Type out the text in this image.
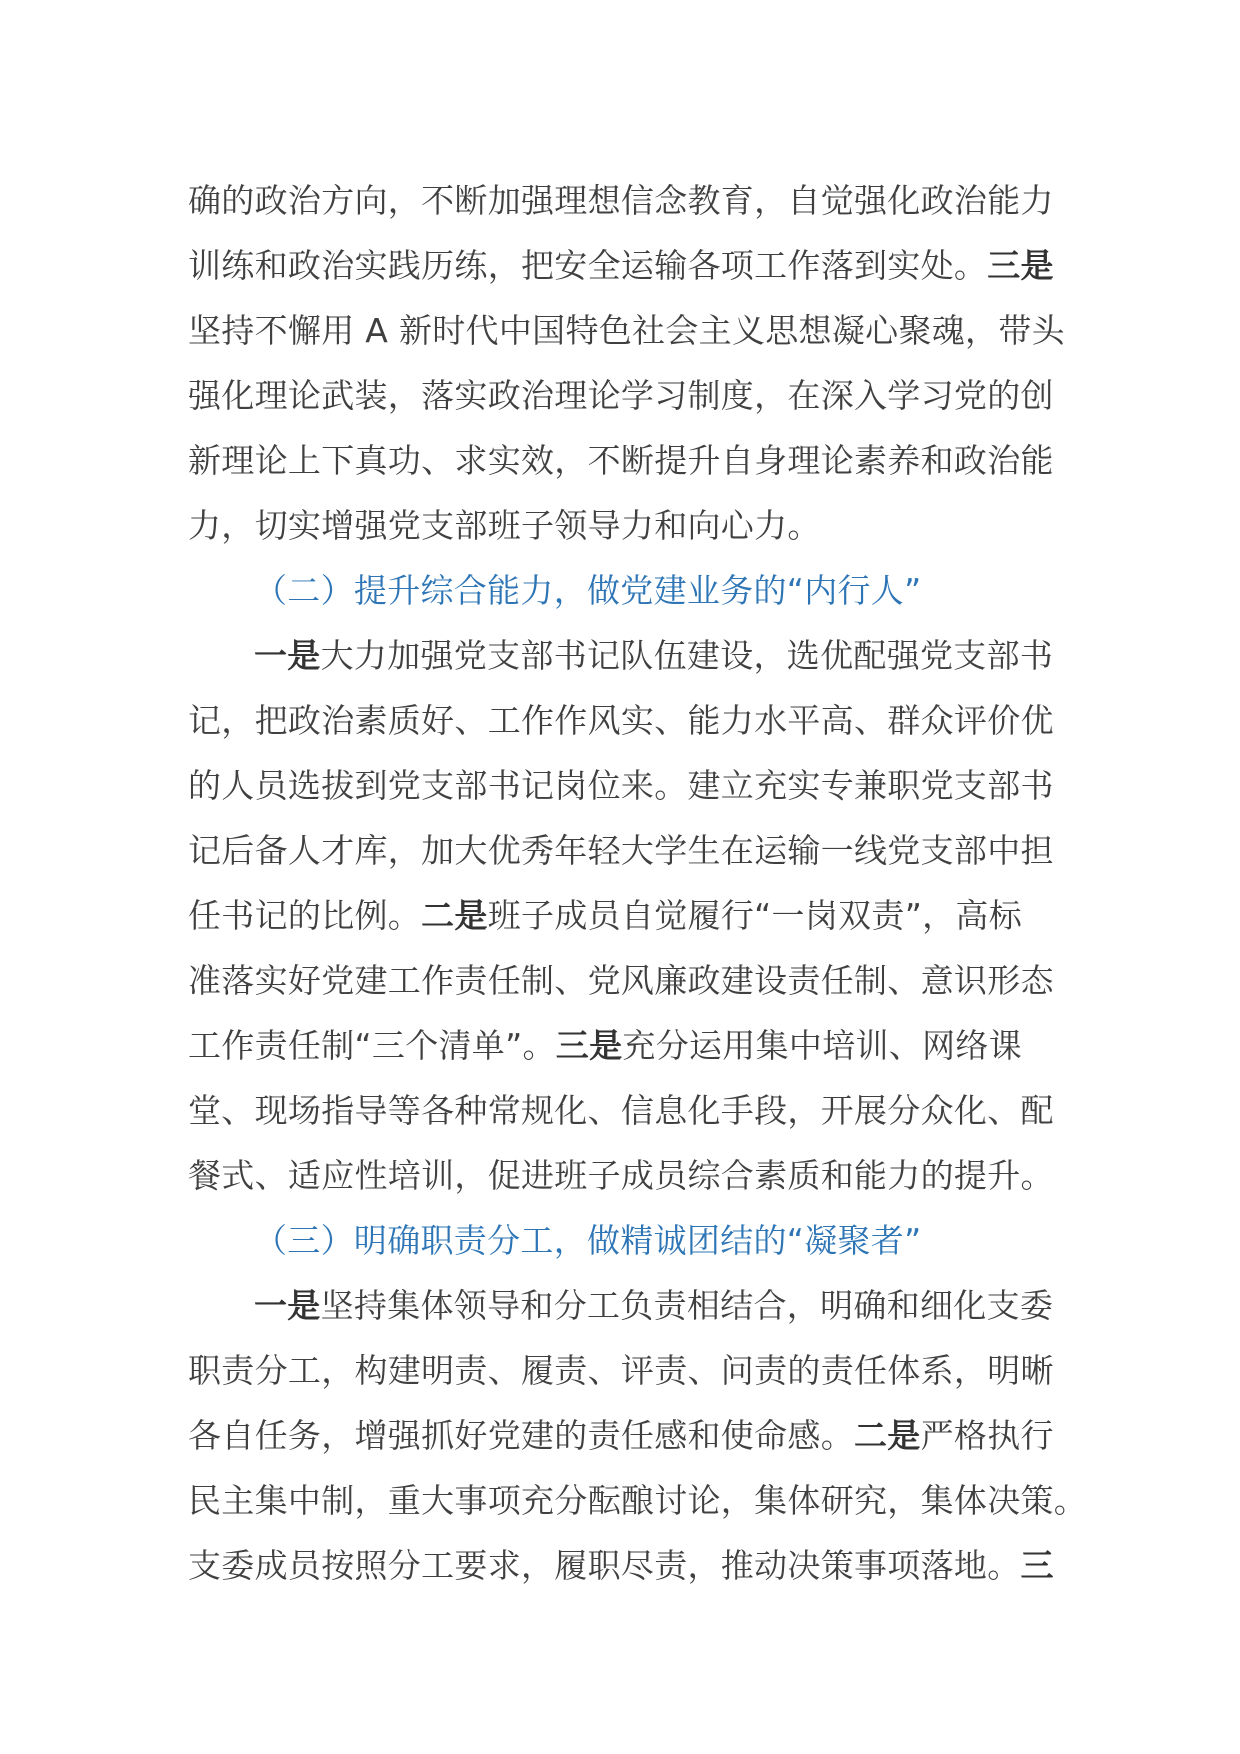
确的政治方向，不断加强理想信念教育，自觉强化政治能力
训练和政治实践历练，把安全运输各项工作落到实处。三是
坚持不懈用 A 新时代中国特色社会主义思想凝心聚魂，带头
强化理论武装，落实政治理论学习制度，在深入学习党的创
新理论上下真功、求实效，不断提升自身理论素养和政治能
力，切实增强党支部班子领导力和向心力。
（二）提升综合能力，做党建业务的“内行人”
一是大力加强党支部书记队伍建设，选优配强党支部书
记，把政治素质好、工作作风实、能力水平高、群众评价优
的人员选拔到党支部书记岗位来。建立充实专兼职党支部书
记后备人才库，加大优秀年轻大学生在运输一线党支部中担
任书记的比例。二是班子成员自觉履行“一岗双责”，高标
准落实好党建工作责任制、党风廉政建设责任制、意识形态
工作责任制“三个清单”。三是充分运用集中培训、网络课
堂、现场指导等各种常规化、信息化手段，开展分众化、配
餐式、适应性培训，促进班子成员综合素质和能力的提升。
（三）明确职责分工，做精诚团结的“凝聚者”
一是坚持集体领导和分工负责相结合，明确和细化支委
职责分工，构建明责、履责、评责、问责的责任体系，明晰
各自任务，增强抓好党建的责任感和使命感。二是严格执行
民主集中制，重大事项充分酝酿讨论，集体研究，集体决策。
支委成员按照分工要求，履职尽责，推动决策事项落地。三
